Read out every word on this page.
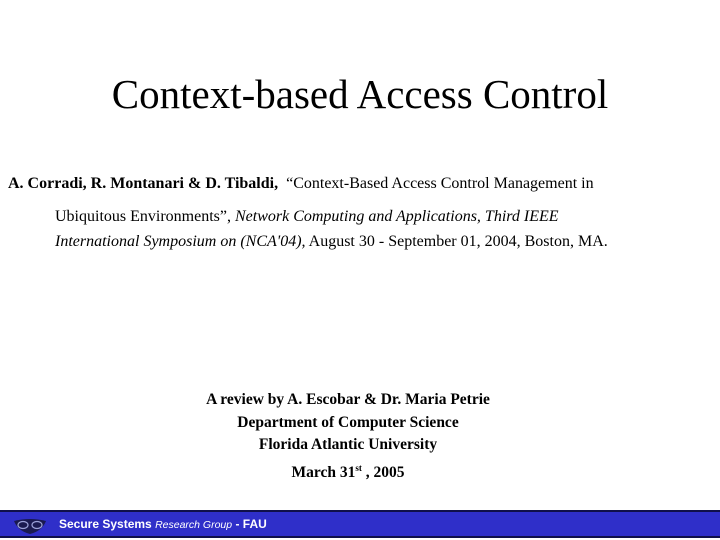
Context-based Access Control
A. Corradi, R. Montanari & D. Tibaldi, “Context-Based Access Control Management in
Ubiquitous Environments”, Network Computing and Applications, Third IEEE
International Symposium on (NCA'04), August 30 - September 01, 2004, Boston, MA.
A review by A. Escobar & Dr. Maria Petrie
Department of Computer Science
Florida Atlantic University
March 31st , 2005
Secure Systems Research Group - FAU
